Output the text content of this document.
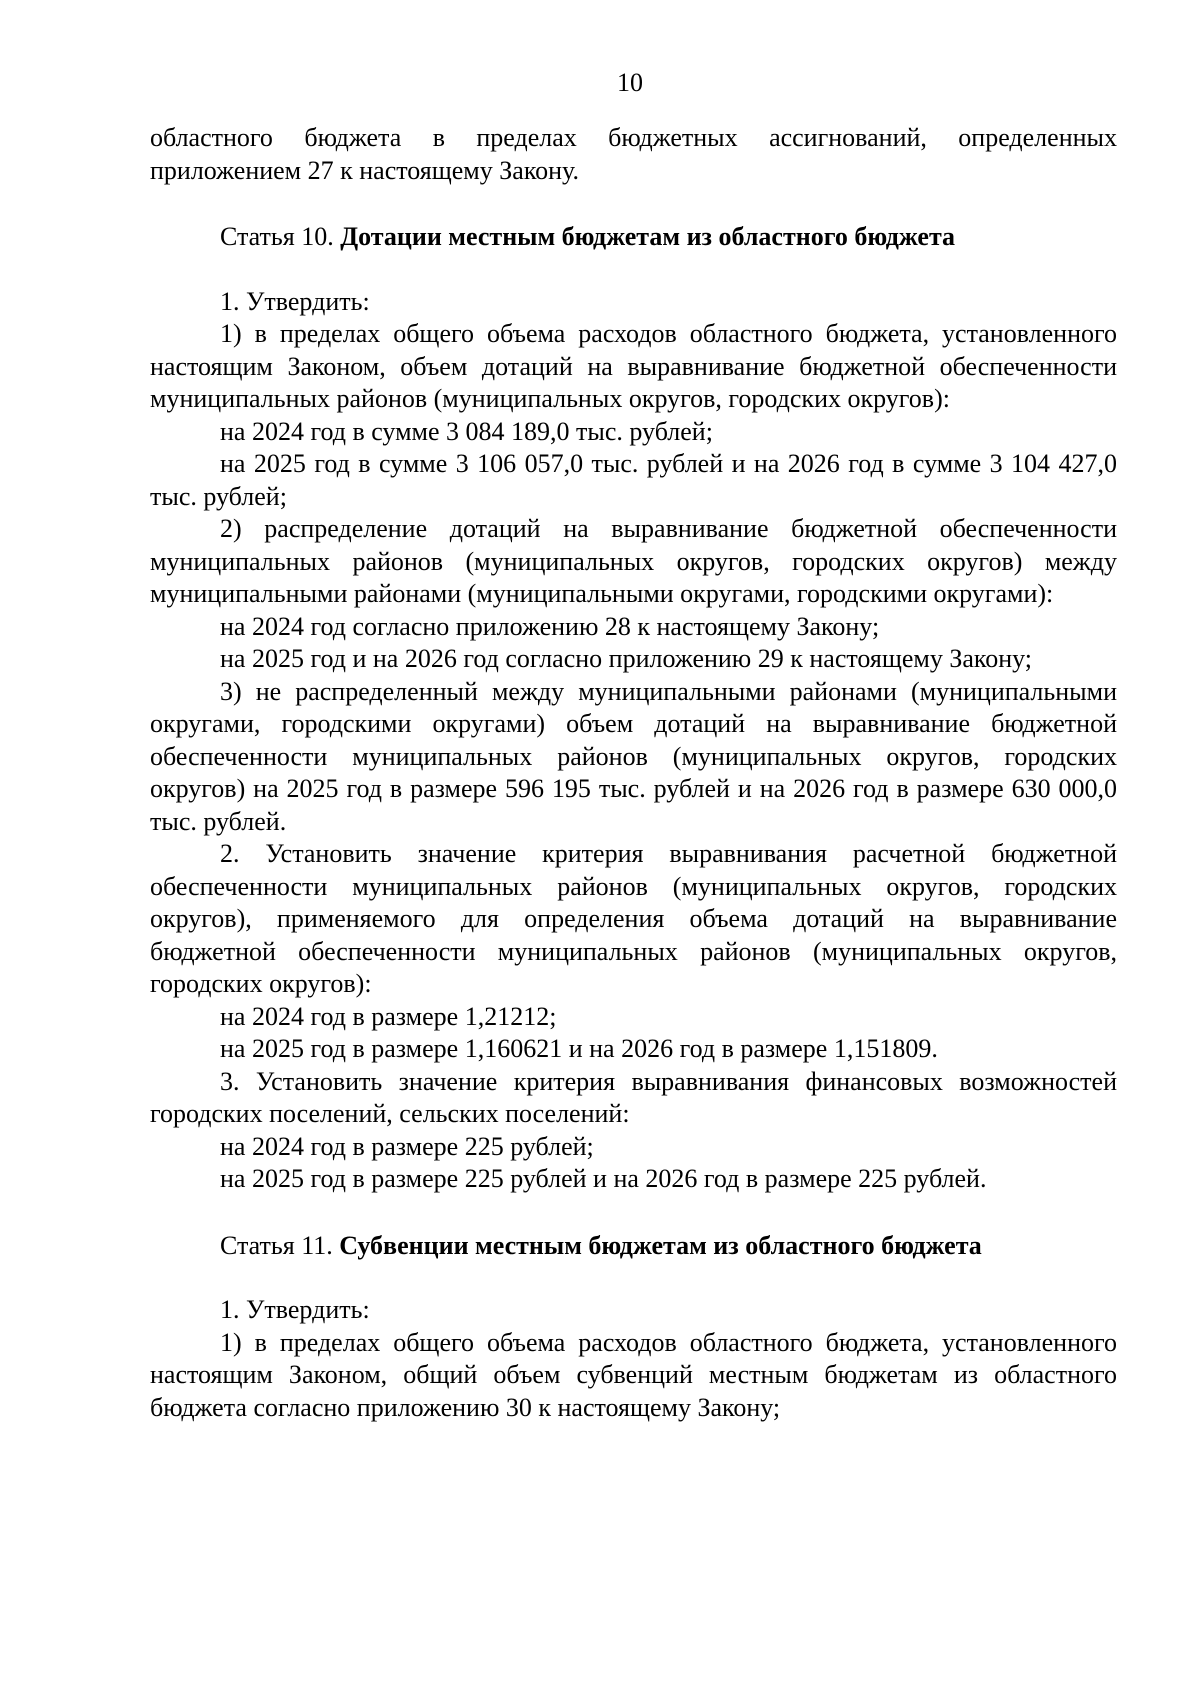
10

областного бюджета в пределах бюджетных ассигнований, определенных приложением 27 к настоящему Закону.

Статья 10. Дотации местным бюджетам из областного бюджета

1. Утвердить:

1) в пределах общего объема расходов областного бюджета, установленного настоящим Законом, объем дотаций на выравнивание бюджетной обеспеченности муниципальных районов (муниципальных округов, городских округов):

на 2024 год в сумме 3 084 189,0 тыс. рублей;

на 2025 год в сумме 3 106 057,0 тыс. рублей и на 2026 год в сумме 3 104 427,0 тыс. рублей;

2) распределение дотаций на выравнивание бюджетной обеспеченности муниципальных районов (муниципальных округов, городских округов) между муниципальными районами (муниципальными округами, городскими округами):

на 2024 год согласно приложению 28 к настоящему Закону;

на 2025 год и на 2026 год согласно приложению 29 к настоящему Закону;

3) не распределенный между муниципальными районами (муниципальными округами, городскими округами) объем дотаций на выравнивание бюджетной обеспеченности муниципальных районов (муниципальных округов, городских округов) на 2025 год в размере 596 195 тыс. рублей и на 2026 год в размере 630 000,0 тыс. рублей.

2. Установить значение критерия выравнивания расчетной бюджетной обеспеченности муниципальных районов (муниципальных округов, городских округов), применяемого для определения объема дотаций на выравнивание бюджетной обеспеченности муниципальных районов (муниципальных округов, городских округов):

на 2024 год в размере 1,21212;

на 2025 год в размере 1,160621 и на 2026 год в размере 1,151809.

3. Установить значение критерия выравнивания финансовых возможностей городских поселений, сельских поселений:

на 2024 год в размере 225 рублей;

на 2025 год в размере 225 рублей и на 2026 год в размере 225 рублей.

Статья 11. Субвенции местным бюджетам из областного бюджета

1. Утвердить:

1) в пределах общего объема расходов областного бюджета, установленного настоящим Законом, общий объем субвенций местным бюджетам из областного бюджета согласно приложению 30 к настоящему Закону;
